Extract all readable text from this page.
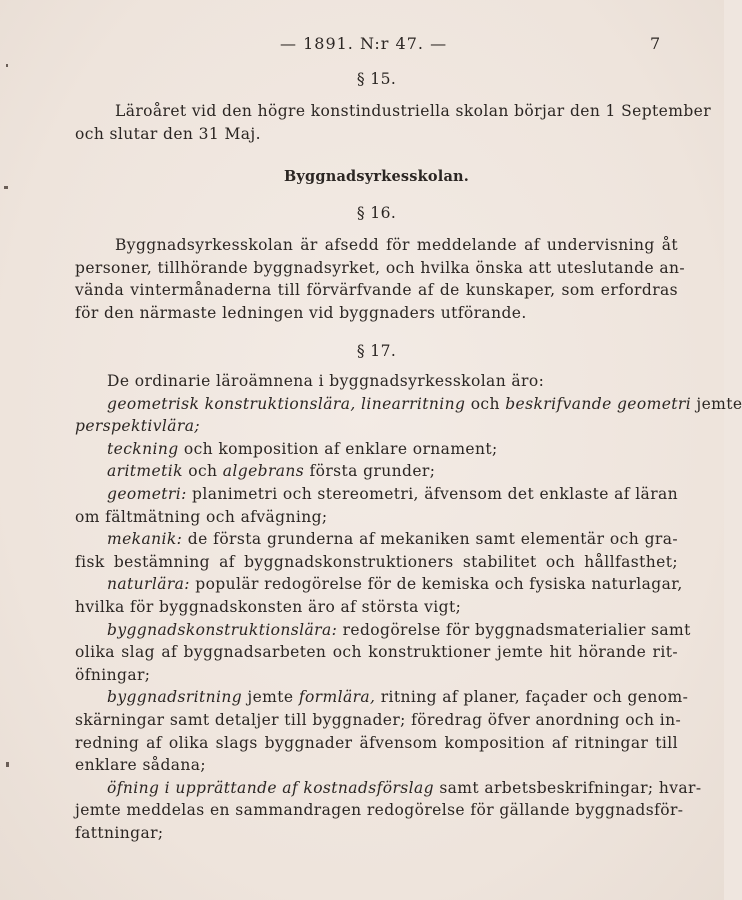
— 1891. N:r 47. —	7
§ 15.
Läroåret vid den högre konstindustriella skolan börjar den 1 September
och slutar den 31 Maj.
Byggnadsyrkesskolan.
§ 16.
Byggnadsyrkesskolan är afsedd för meddelande af undervisning åt
personer, tillhörande byggnadsyrket, och hvilka önska att uteslutande an-
vända vintermånaderna till förvärfvande af de kunskaper, som erfordras
för den närmaste ledningen vid byggnaders utförande.
§ 17.
De ordinarie läroämnena i byggnadsyrkesskolan äro:
geometrisk konstruktionslära, linearritning och beskrifvande geometri jemte
perspektivlära;
teckning och komposition af enklare ornament;
aritmetik och algebrans första grunder;
geometri: planimetri och stereometri, äfvensom det enklaste af läran
om fältmätning och afvägning;
mekanik: de första grunderna af mekaniken samt elementär och gra-
fisk bestämning af byggnadskonstruktioners stabilitet och hållfasthet;
naturlära: populär redogörelse för de kemiska och fysiska naturlagar,
hvilka för byggnadskonsten äro af största vigt;
byggnadskonstruktionslära: redogörelse för byggnadsmaterialier samt
olika slag af byggnadsarbeten och konstruktioner jemte hit hörande rit-
öfningar;
byggnadsritning jemte formlära, ritning af planer, façader och genom-
skärningar samt detaljer till byggnader; föredrag öfver anordning och in-
redning af olika slags byggnader äfvensom komposition af ritningar till
enklare sådana;
öfning i upprättande af kostnadsförslag samt arbetsbeskrifningar; hvar-
jemte meddelas en sammandragen redogörelse för gällande byggnadsför-
fattningar;
